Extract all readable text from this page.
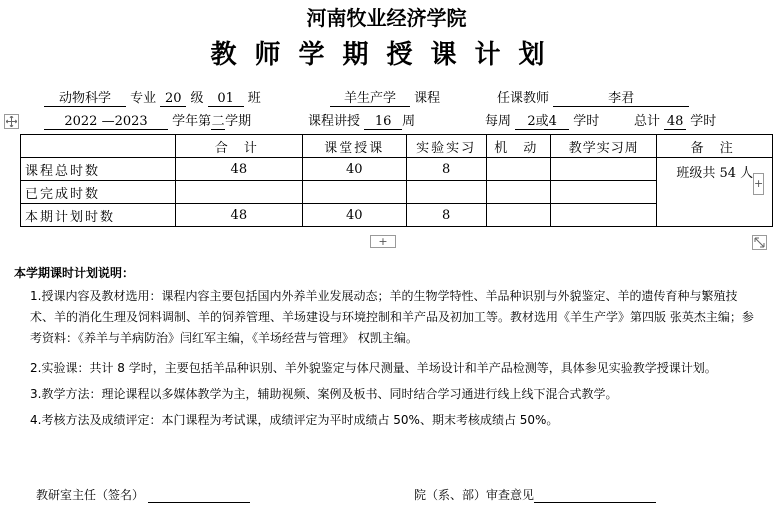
河南牧业经济学院
教师学期授课计划
动物科学 专业 20 级 01 班	羊生产学 课程	任课教师	李君
2022 —2023 学年第二学期	课程讲授 16 周	每周 2或4 学时	总计 48 学时
	合 计	课堂授课	实验实习	机 动	教学实习周	备 注
课程总时数	48	40	8			班级共 54 人
已完成时数						
本期计划时数	48	40	8			
+
+
本学期课时计划说明：
1.授课内容及教材选用：课程内容主要包括国内外养羊业发展动态；羊的生物学特性、羊品种识别与外貌鉴定、羊的遗传育种与繁殖技术、羊的消化生理及饲料调制、羊的饲养管理、羊场建设与环境控制和羊产品及初加工等。教材选用《羊生产学》第四版 张英杰主编；参考资料：《养羊与羊病防治》闫红军主编，《羊场经营与管理》 权凯主编。
2.实验课：共计 8 学时，主要包括羊品种识别、羊外貌鉴定与体尺测量、羊场设计和羊产品检测等，具体参见实验教学授课计划。
3.教学方法：理论课程以多媒体教学为主，辅助视频、案例及板书、同时结合学习通进行线上线下混合式教学。
4.考核方法及成绩评定：本门课程为考试课，成绩评定为平时成绩占 50%、期末考核成绩占 50%。
教研室主任（签名）	院（系、部）审查意见
